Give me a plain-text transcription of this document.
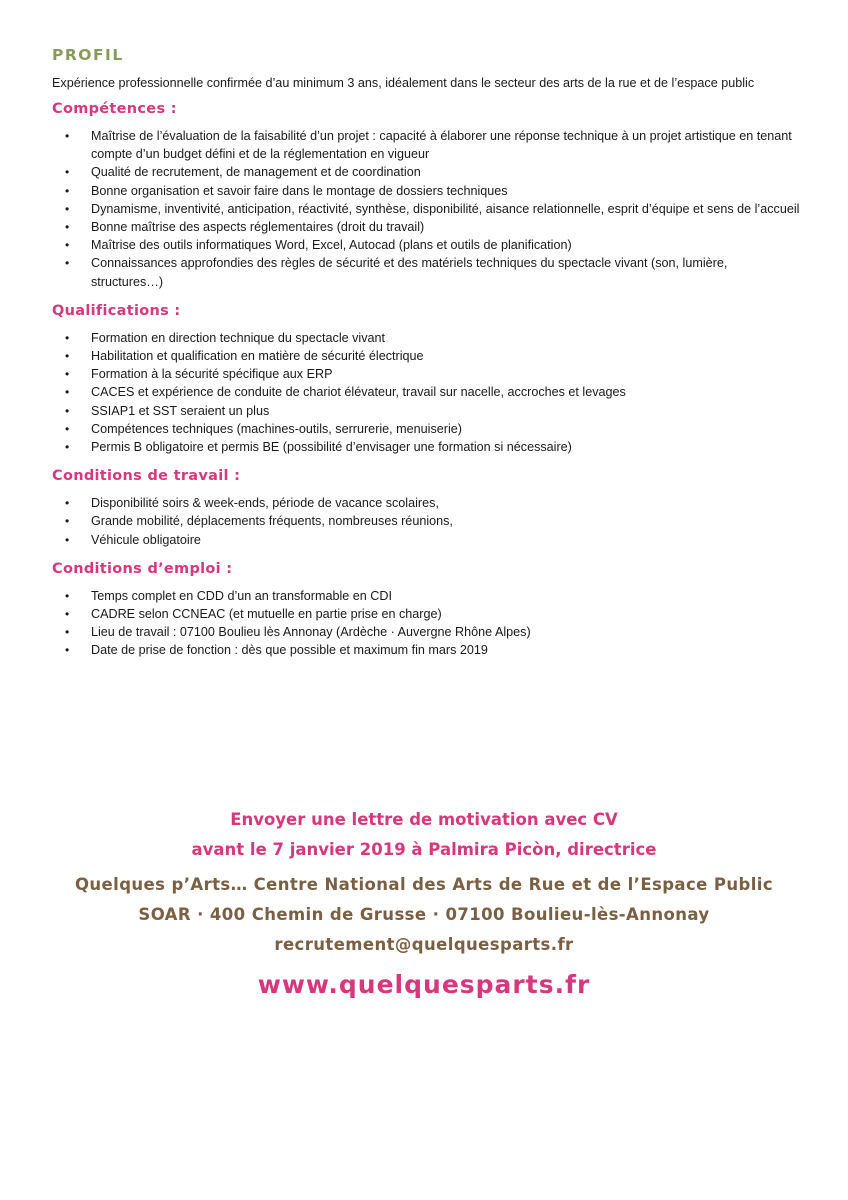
PROFIL

Expérience professionnelle confirmée d’au minimum 3 ans, idéalement dans le secteur des arts de la rue et de l’espace public

Compétences :
• Maîtrise de l’évaluation de la faisabilité d’un projet : capacité à élaborer une réponse technique à un projet artistique en tenant compte d’un budget défini et de la réglementation en vigueur
• Qualité de recrutement, de management et de coordination
• Bonne organisation et savoir faire dans le montage de dossiers techniques
• Dynamisme, inventivité, anticipation, réactivité, synthèse, disponibilité, aisance relationnelle, esprit d’équipe et sens de l’accueil
• Bonne maîtrise des aspects réglementaires (droit du travail)
• Maîtrise des outils informatiques Word, Excel, Autocad (plans et outils de planification)
• Connaissances approfondies des règles de sécurité et des matériels techniques du spectacle vivant (son, lumière, structures…)
Qualifications :
• Formation en direction technique du spectacle vivant
• Habilitation et qualification en matière de sécurité électrique
• Formation à la sécurité spécifique aux ERP
• CACES et expérience de conduite de chariot élévateur, travail sur nacelle, accroches et levages
• SSIAP1 et SST seraient un plus
• Compétences techniques (machines-outils, serrurerie, menuiserie)
• Permis B obligatoire et permis BE (possibilité d’envisager une formation si nécessaire)
Conditions de travail :
• Disponibilité soirs & week-ends, période de vacance scolaires,
• Grande mobilité, déplacements fréquents, nombreuses réunions,
• Véhicule obligatoire
Conditions d’emploi :
• Temps complet en CDD d’un an transformable en CDI
• CADRE selon CCNEAC (et mutuelle en partie prise en charge)
• Lieu de travail : 07100 Boulieu lès Annonay (Ardèche · Auvergne Rhône Alpes)
• Date de prise de fonction : dès que possible et maximum fin mars 2019
Envoyer une lettre de motivation avec CV
avant le 7 janvier 2019 à Palmira Picòn, directrice
Quelques p’Arts… Centre National des Arts de Rue et de l’Espace Public
SOAR · 400 Chemin de Grusse · 07100 Boulieu-lès-Annonay
recrutement@quelquesparts.fr
www.quelquesparts.fr
